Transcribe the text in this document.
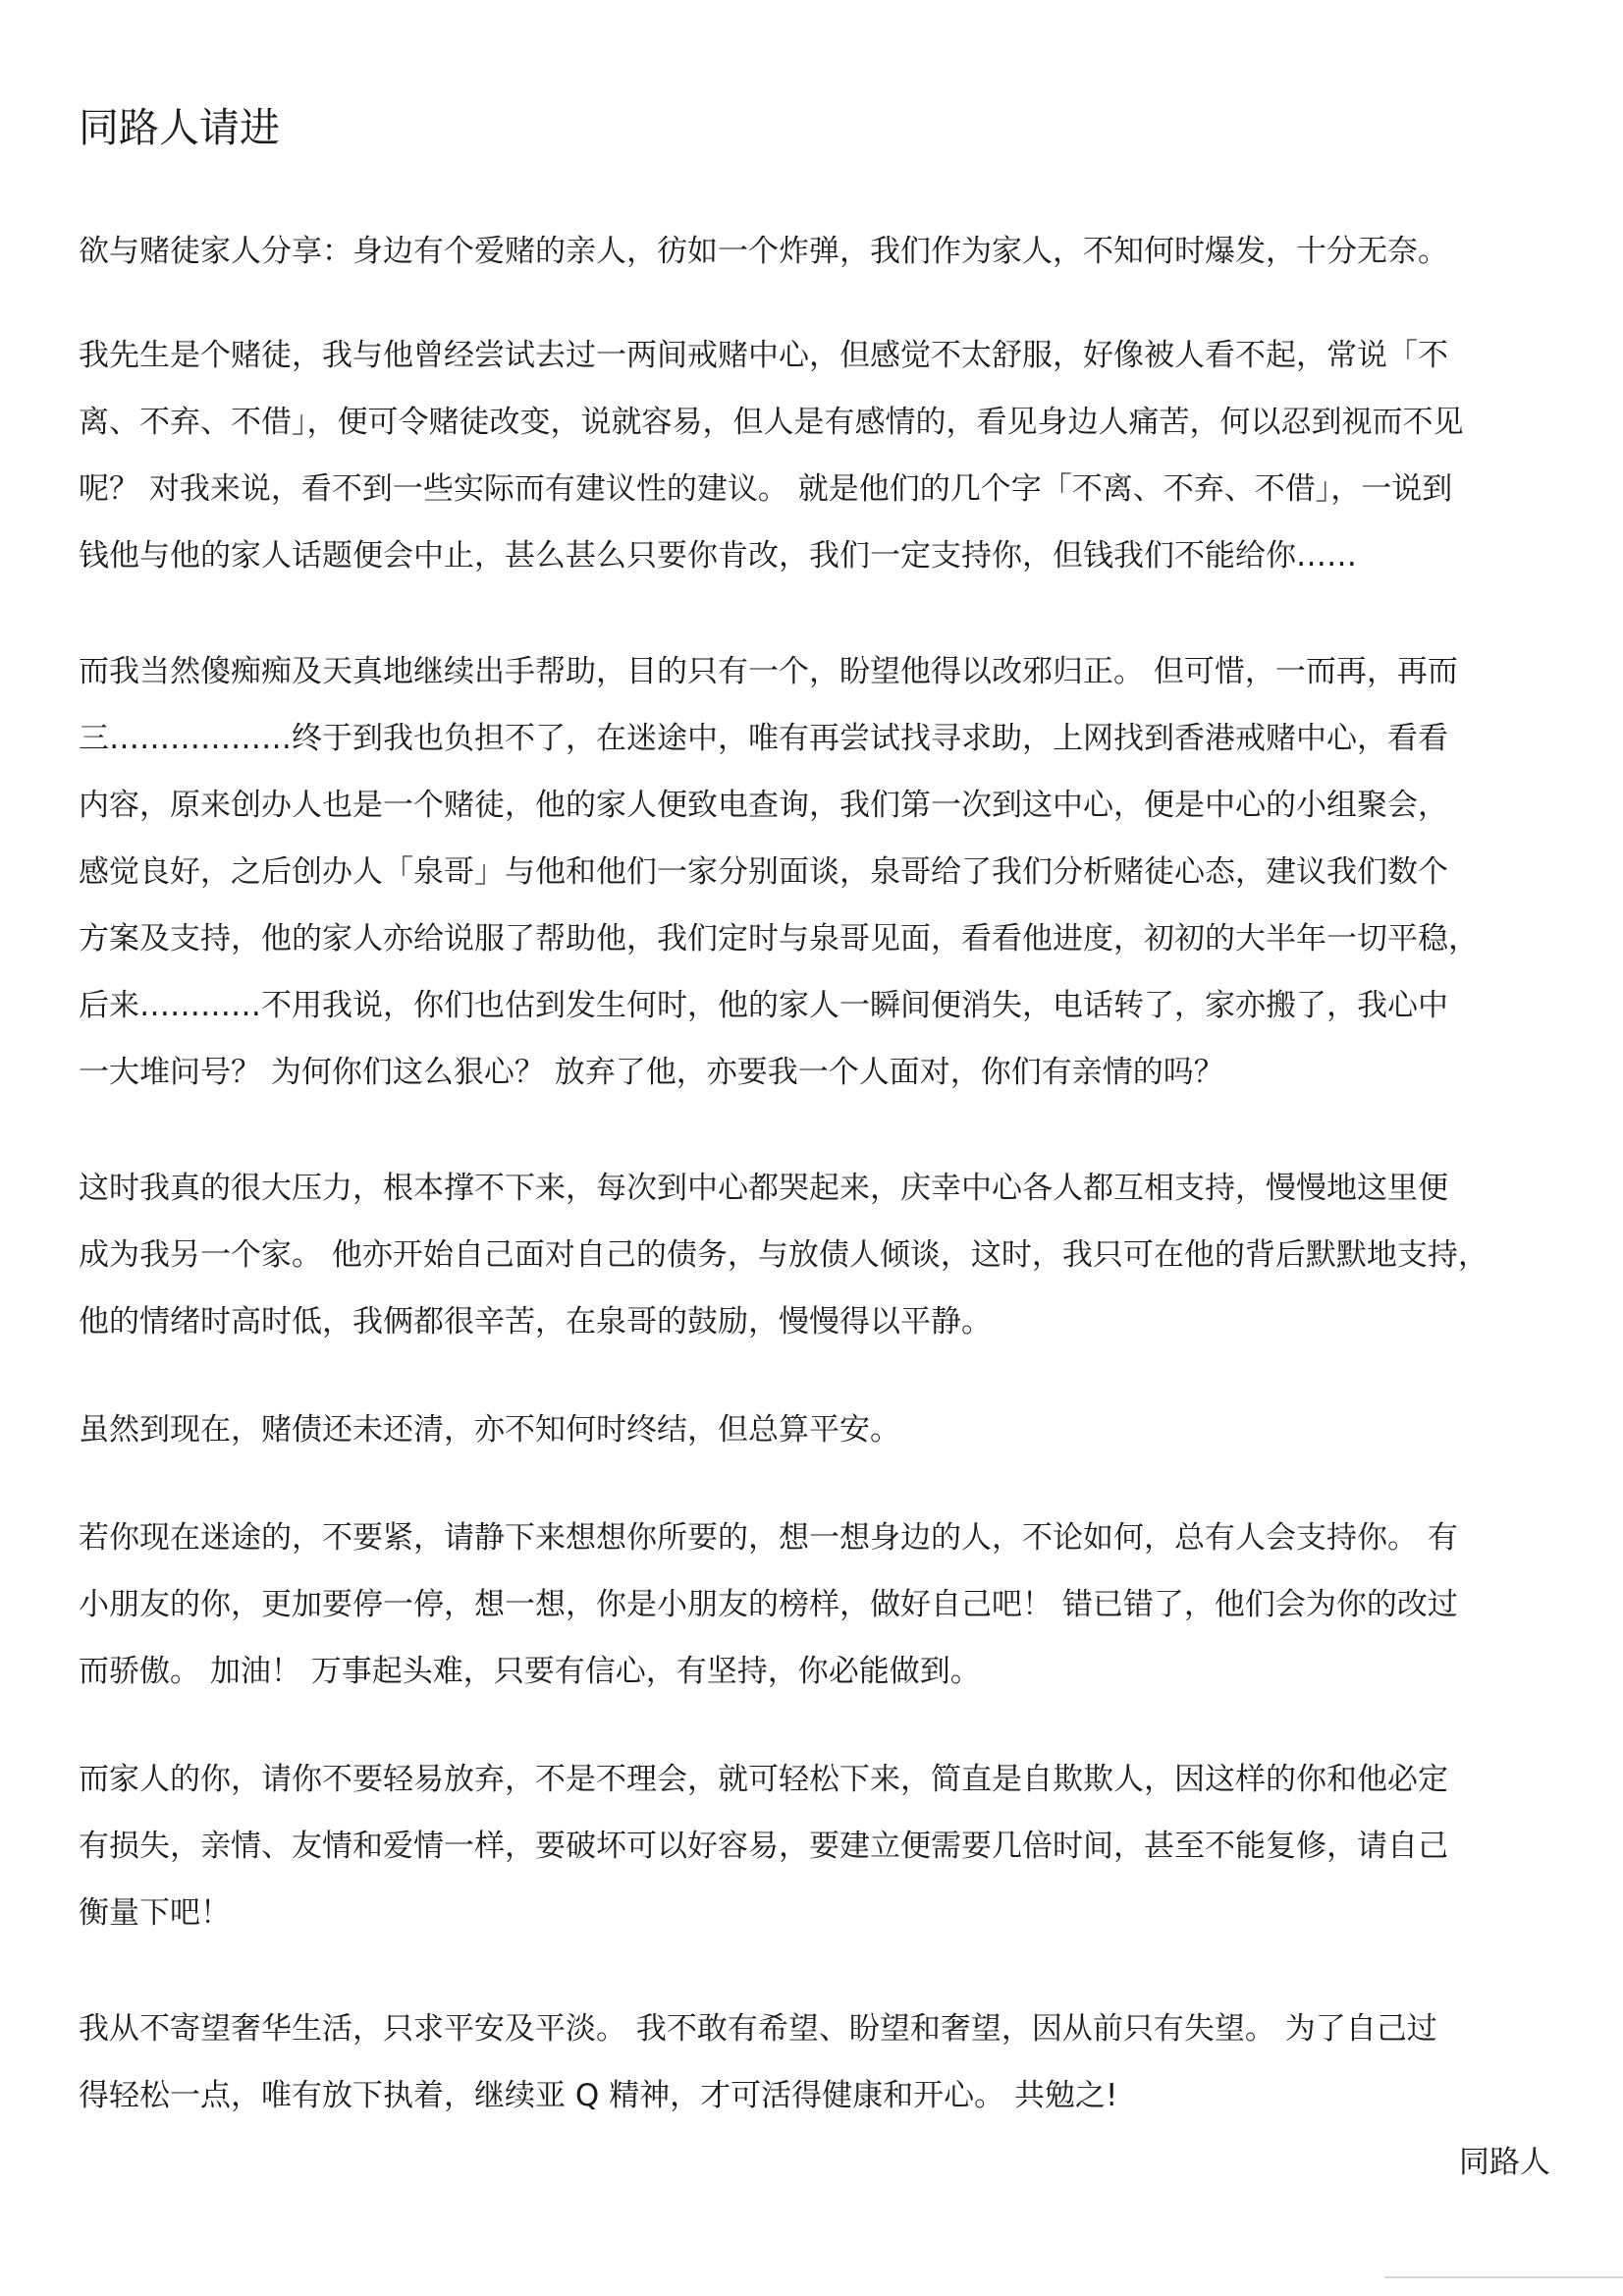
同路人请进
欲与赌徒家人分享：身边有个爱赌的亲人，彷如一个炸弹，我们作为家人，不知何时爆发，十分无奈。
我先生是个赌徒，我与他曾经尝试去过一两间戒赌中心，但感觉不太舒服，好像被人看不起，常说「不
离、不弃、不借」，便可令赌徒改变，说就容易，但人是有感情的，看见身边人痛苦，何以忍到视而不见
呢？ 对我来说，看不到一些实际而有建议性的建议。 就是他们的几个字「不离、不弃、不借」，一说到
钱他与他的家人话题便会中止，甚么甚么只要你肯改，我们一定支持你，但钱我们不能给你……
而我当然傻痴痴及天真地继续出手帮助，目的只有一个，盼望他得以改邪归正。 但可惜，一而再，再而
三………………终于到我也负担不了，在迷途中，唯有再尝试找寻求助，上网找到香港戒赌中心，看看
内容，原来创办人也是一个赌徒，他的家人便致电查询，我们第一次到这中心，便是中心的小组聚会，
感觉良好，之后创办人「泉哥」与他和他们一家分别面谈，泉哥给了我们分析赌徒心态，建议我们数个
方案及支持，他的家人亦给说服了帮助他，我们定时与泉哥见面，看看他进度，初初的大半年一切平稳，
后来…………不用我说，你们也估到发生何时，他的家人一瞬间便消失，电话转了，家亦搬了，我心中
一大堆问号？ 为何你们这么狠心？ 放弃了他，亦要我一个人面对，你们有亲情的吗？
这时我真的很大压力，根本撑不下来，每次到中心都哭起来，庆幸中心各人都互相支持，慢慢地这里便
成为我另一个家。 他亦开始自己面对自己的债务，与放债人倾谈，这时，我只可在他的背后默默地支持，
他的情绪时高时低，我俩都很辛苦，在泉哥的鼓励，慢慢得以平静。
虽然到现在，赌债还未还清，亦不知何时终结，但总算平安。
若你现在迷途的，不要紧，请静下来想想你所要的，想一想身边的人，不论如何，总有人会支持你。 有
小朋友的你，更加要停一停，想一想，你是小朋友的榜样，做好自己吧！ 错已错了，他们会为你的改过
而骄傲。 加油！ 万事起头难，只要有信心，有坚持，你必能做到。
而家人的你，请你不要轻易放弃，不是不理会，就可轻松下来，简直是自欺欺人，因这样的你和他必定
有损失，亲情、友情和爱情一样，要破坏可以好容易，要建立便需要几倍时间，甚至不能复修，请自己
衡量下吧！
我从不寄望奢华生活，只求平安及平淡。 我不敢有希望、盼望和奢望，因从前只有失望。 为了自己过
得轻松一点，唯有放下执着，继续亚 Q 精神，才可活得健康和开心。 共勉之!
同路人
